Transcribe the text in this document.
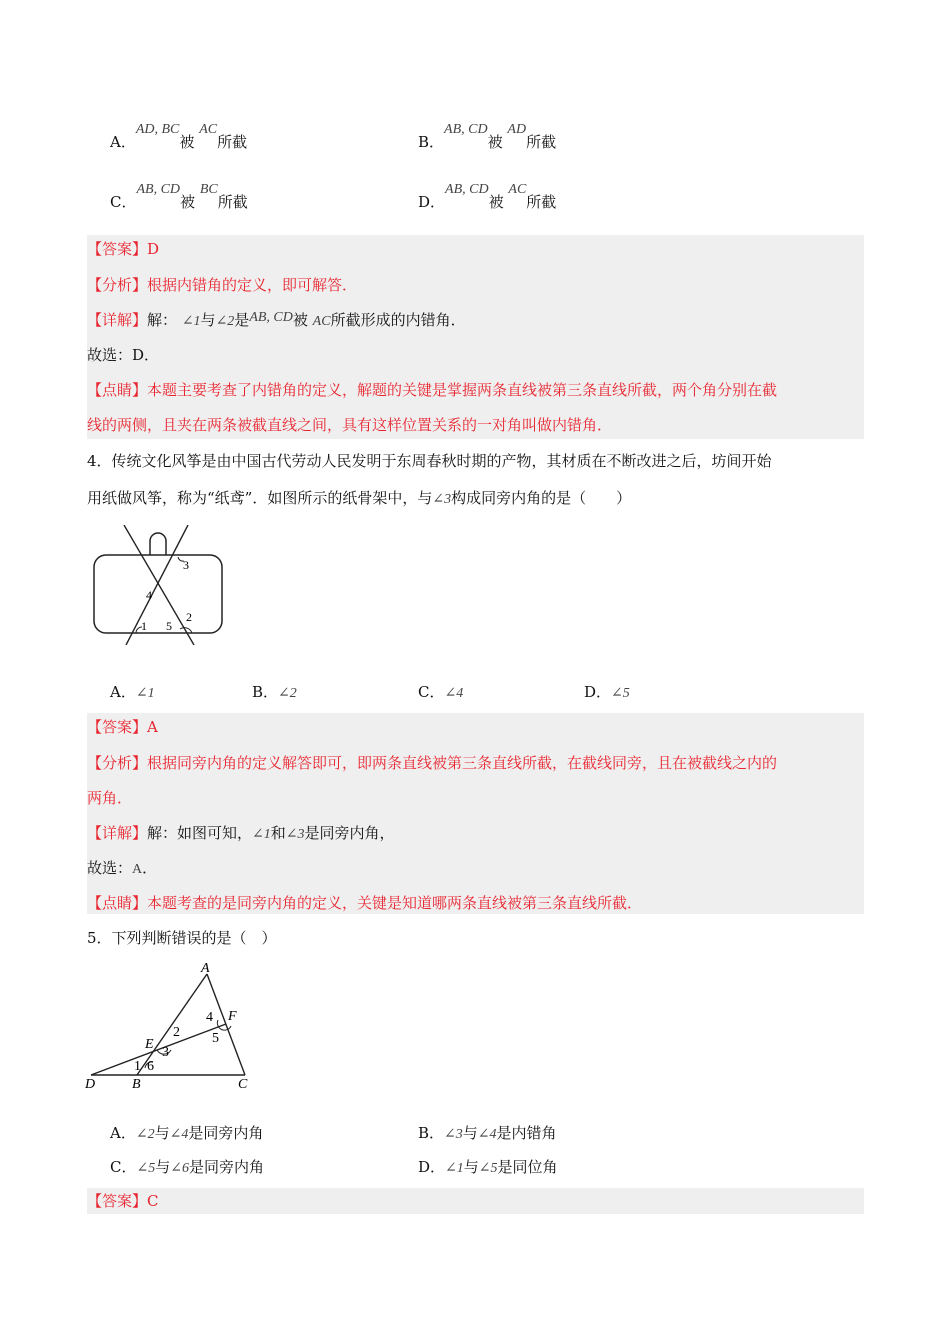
A．AD, BC被 AC所截	B．AB, CD被 AD所截
C．AB, CD被 BC所截	D．AB, CD被 AC所截
【答案】D
【分析】根据内错角的定义，即可解答．
【详解】解： ∠1与∠2是AB, CD被 AC所截形成的内错角．
故选：D．
【点睛】本题主要考查了内错角的定义，解题的关键是掌握两条直线被第三条直线所截，两个角分别在截
线的两侧，且夹在两条被截直线之间，具有这样位置关系的一对角叫做内错角．
4．传统文化风筝是由中国古代劳动人民发明于东周春秋时期的产物，其材质在不断改进之后，坊间开始
用纸做风筝，称为“纸鸢”．如图所示的纸骨架中，与∠3构成同旁内角的是（　　）
4
3
2
1 5
A．∠1	B．∠2	C．∠4	D．∠5
【答案】A
【分析】根据同旁内角的定义解答即可，即两条直线被第三条直线所截，在截线同旁，且在被截线之内的
两角．
【详解】解：如图可知，∠1和∠3是同旁内角，
故选：A．
【点睛】本题考查的是同旁内角的定义，关键是知道哪两条直线被第三条直线所截．
5．下列判断错误的是（　）
A
F
4
2 5
E
3
1 6
D	B	C
A．∠2与∠4是同旁内角	B．∠3与∠4是内错角
C．∠5与∠6是同旁内角	D．∠1与∠5是同位角
【答案】C
